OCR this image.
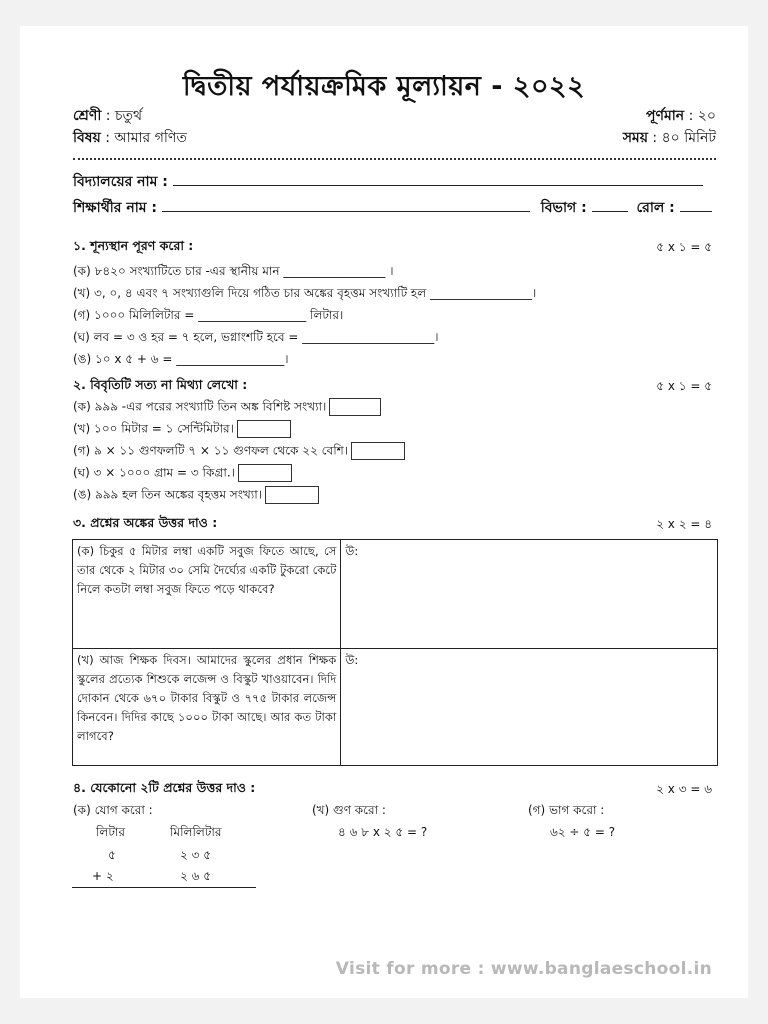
দ্বিতীয় পর্যায়ক্রমিক মূল্যায়ন - ২০২২
শ্রেণী : চতুর্থ	পূর্ণমান : ২০
বিষয় : আমার গণিত	সময় : ৪০ মিনিট
বিদ্যালয়ের নাম :
শিক্ষার্থীর নাম :	বিভাগ :	রোল :
১. শূন্যস্থান পূরণ করো :	৫ x ১ = ৫
(ক) ৮৪২০ সংখ্যাটিতে চার -এর স্থানীয় মান _________________ ।
(খ) ৩, ০, ৪ এবং ৭ সংখ্যাগুলি দিয়ে গঠিত চার অঙ্কের বৃহত্তম সংখ্যাটি হল _________________।
(গ) ১০০০ মিলিলিটার = __________________ লিটার।
(ঘ) লব = ৩ ও হর = ৭ হলে, ভগ্নাংশটি হবে = ______________________।
(ঙ) ১০ x ৫ + ৬ = __________________।
২. বিবৃতিটি সত্য না মিথ্যা লেখো :	৫ x ১ = ৫
(ক) ৯৯৯ -এর পরের সংখ্যাটি তিন অঙ্ক বিশিষ্ট সংখ্যা।
(খ) ১০০ মিটার = ১ সেন্টিমিটার।
(গ) ৯ × ১১ গুণফলটি ৭ × ১১ গুণফল থেকে ২২ বেশি।
(ঘ) ৩ × ১০০০ গ্রাম = ৩ কিগ্রা.।
(ঙ) ৯৯৯ হল তিন অঙ্কের বৃহত্তম সংখ্যা।
৩. প্রশ্নের অঙ্কের উত্তর দাও :	২ x ২ = ৪
(ক) চিকুর ৫ মিটার লম্বা একটি সবুজ ফিতে আছে, সে তার থেকে ২ মিটার ৩০ সেমি দৈর্ঘ্যের একটি টুকরো কেটে নিলে কতটা লম্বা সবুজ ফিতে পড়ে থাকবে?	উ:
(খ) আজ শিক্ষক দিবস। আমাদের স্কুলের প্রধান শিক্ষক স্কুলের প্রত্যেক শিশুকে লজেন্স ও বিস্কুট খাওয়াবেন। দিদি দোকান থেকে ৬৭০ টাকার বিস্কুট ও ৭৭৫ টাকার লজেন্স কিনবেন। দিদির কাছে ১০০০ টাকা আছে। আর কত টাকা লাগবে?	উ:
৪. যেকোনো ২টি প্রশ্নের উত্তর দাও :	২ x ৩ = ৬
(ক) যোগ করো :
লিটার	মিলিলিটার
৫	২ ৩ ৫
+ ২	২ ৬ ৫
(খ) গুণ করো :
৪ ৬ ৮ x ২ ৫ = ?
(গ) ভাগ করো :
৬২ ÷ ৫ = ?
Visit for more : www.banglaeschool.in
